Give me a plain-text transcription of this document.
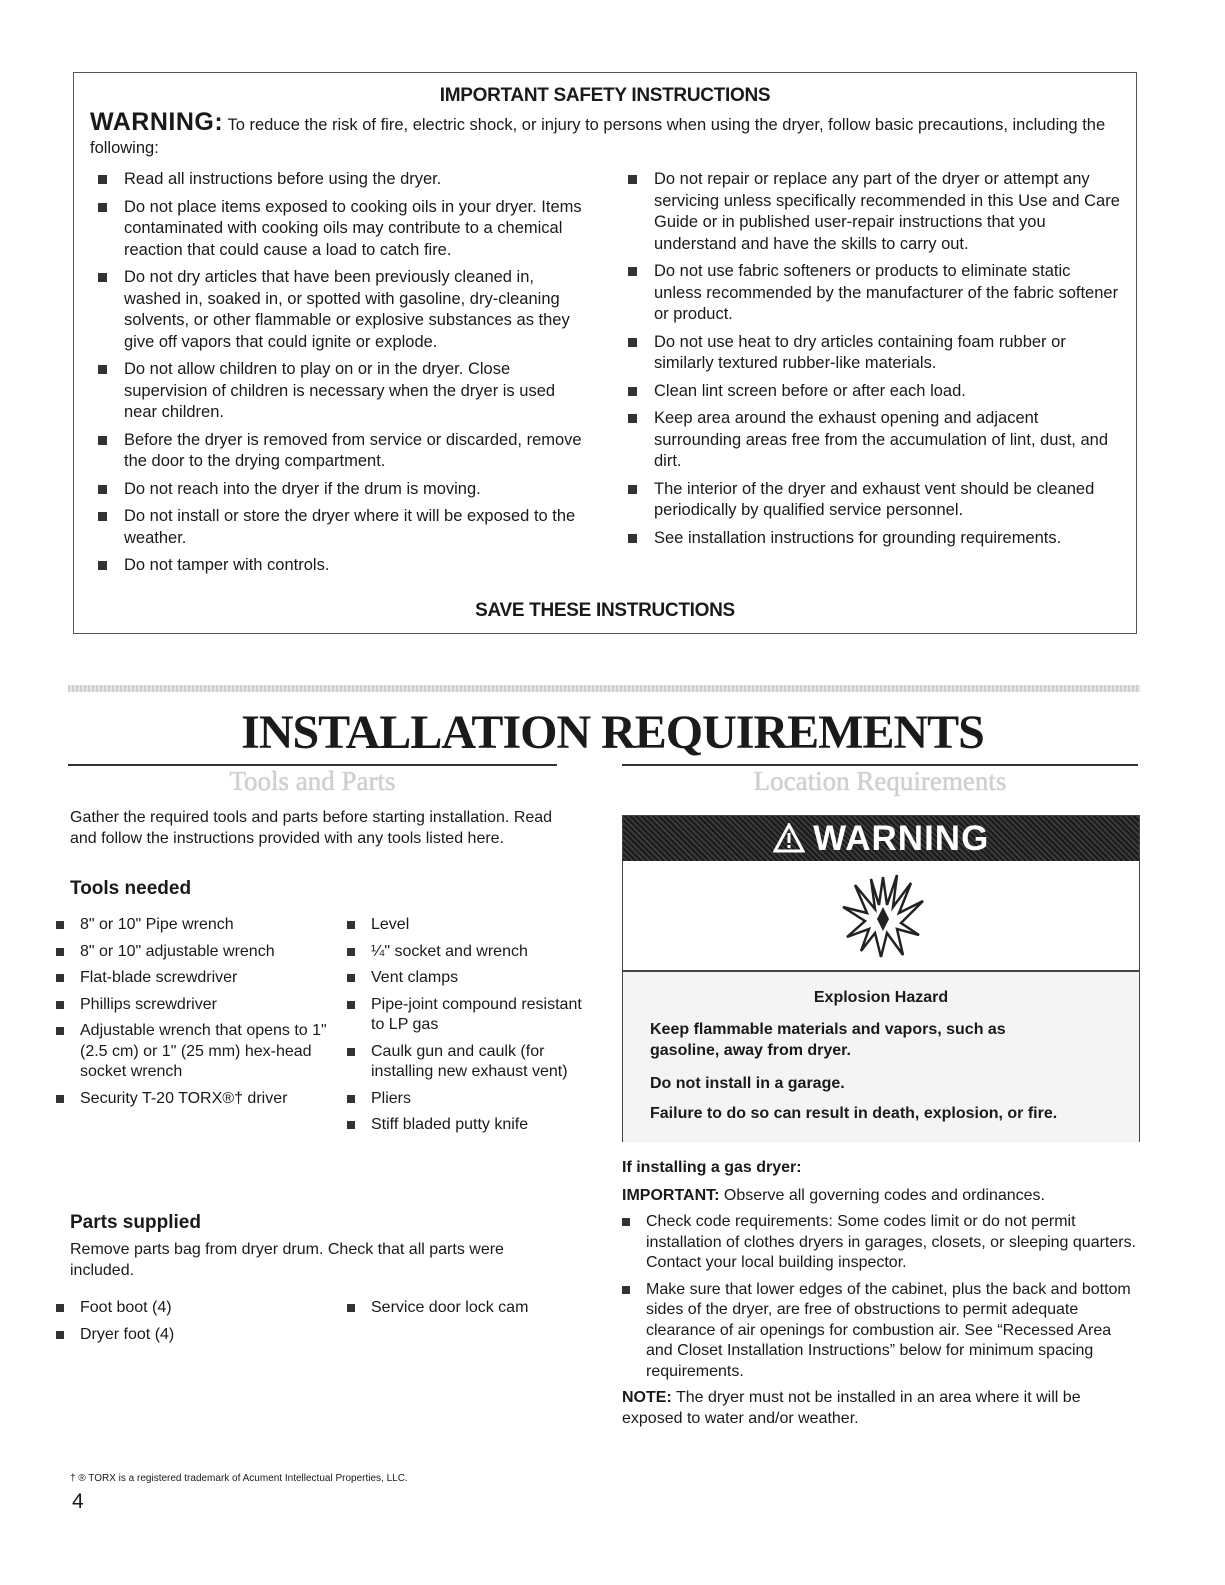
IMPORTANT SAFETY INSTRUCTIONS
WARNING: To reduce the risk of fire, electric shock, or injury to persons when using the dryer, follow basic precautions, including the following:
Read all instructions before using the dryer.
Do not place items exposed to cooking oils in your dryer. Items contaminated with cooking oils may contribute to a chemical reaction that could cause a load to catch fire.
Do not dry articles that have been previously cleaned in, washed in, soaked in, or spotted with gasoline, dry-cleaning solvents, or other flammable or explosive substances as they give off vapors that could ignite or explode.
Do not allow children to play on or in the dryer. Close supervision of children is necessary when the dryer is used near children.
Before the dryer is removed from service or discarded, remove the door to the drying compartment.
Do not reach into the dryer if the drum is moving.
Do not install or store the dryer where it will be exposed to the weather.
Do not tamper with controls.
Do not repair or replace any part of the dryer or attempt any servicing unless specifically recommended in this Use and Care Guide or in published user-repair instructions that you understand and have the skills to carry out.
Do not use fabric softeners or products to eliminate static unless recommended by the manufacturer of the fabric softener or product.
Do not use heat to dry articles containing foam rubber or similarly textured rubber-like materials.
Clean lint screen before or after each load.
Keep area around the exhaust opening and adjacent surrounding areas free from the accumulation of lint, dust, and dirt.
The interior of the dryer and exhaust vent should be cleaned periodically by qualified service personnel.
See installation instructions for grounding requirements.
SAVE THESE INSTRUCTIONS
INSTALLATION REQUIREMENTS
Tools and Parts
Gather the required tools and parts before starting installation. Read and follow the instructions provided with any tools listed here.
Tools needed
8" or 10" Pipe wrench
8" or 10" adjustable wrench
Flat-blade screwdriver
Phillips screwdriver
Adjustable wrench that opens to 1" (2.5 cm) or 1" (25 mm) hex-head socket wrench
Security T-20 TORX®† driver
Level
¼" socket and wrench
Vent clamps
Pipe-joint compound resistant to LP gas
Caulk gun and caulk (for installing new exhaust vent)
Pliers
Stiff bladed putty knife
Parts supplied
Remove parts bag from dryer drum. Check that all parts were included.
Foot boot (4)
Dryer foot (4)
Service door lock cam
Location Requirements
WARNING
Explosion Hazard
Keep flammable materials and vapors, such as gasoline, away from dryer.
Do not install in a garage.
Failure to do so can result in death, explosion, or fire.
If installing a gas dryer:
IMPORTANT: Observe all governing codes and ordinances.
Check code requirements: Some codes limit or do not permit installation of clothes dryers in garages, closets, or sleeping quarters. Contact your local building inspector.
Make sure that lower edges of the cabinet, plus the back and bottom sides of the dryer, are free of obstructions to permit adequate clearance of air openings for combustion air. See “Recessed Area and Closet Installation Instructions” below for minimum spacing requirements.
NOTE: The dryer must not be installed in an area where it will be exposed to water and/or weather.
† ® TORX is a registered trademark of Acument Intellectual Properties, LLC.
4
